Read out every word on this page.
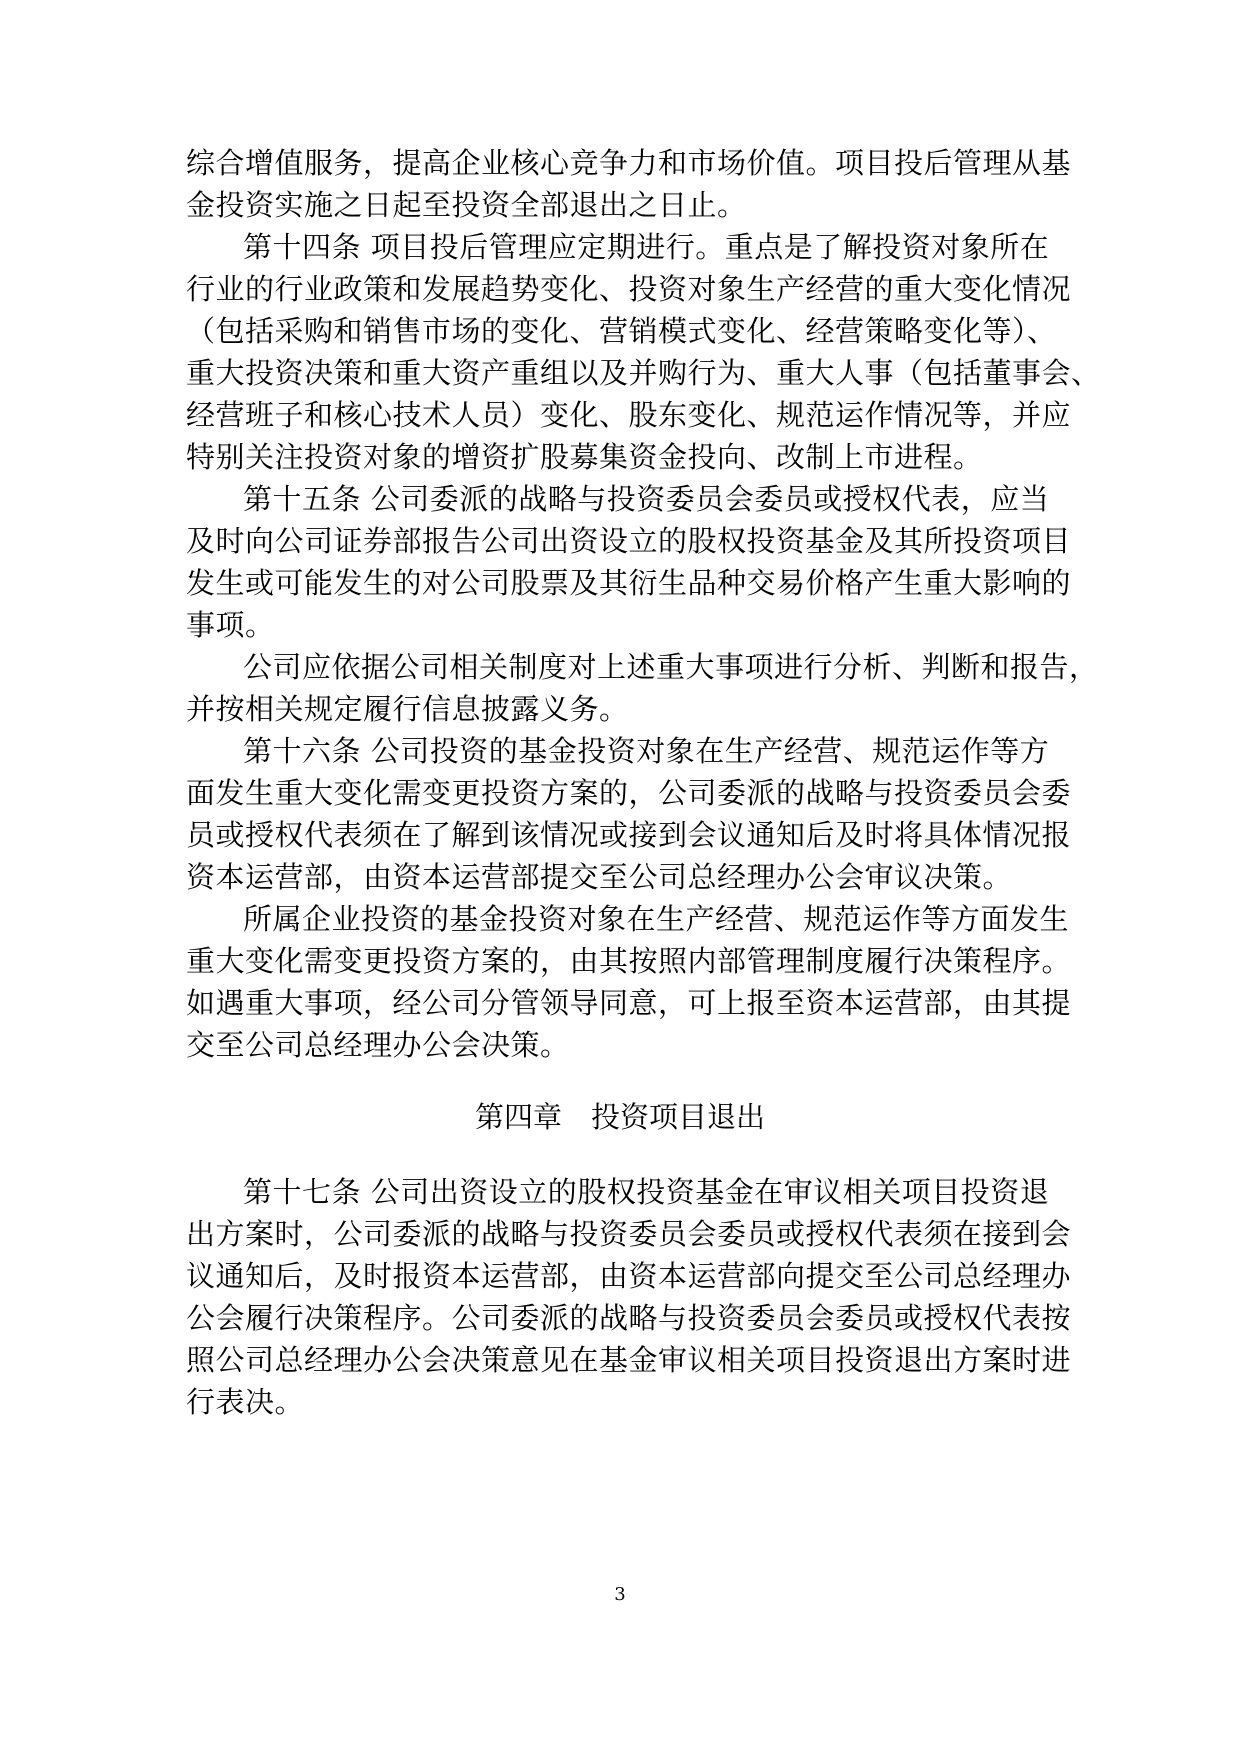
综合增值服务，提高企业核心竞争力和市场价值。项目投后管理从基
金投资实施之日起至投资全部退出之日止。
第十四条 项目投后管理应定期进行。重点是了解投资对象所在
行业的行业政策和发展趋势变化、投资对象生产经营的重大变化情况
（包括采购和销售市场的变化、营销模式变化、经营策略变化等）、
重大投资决策和重大资产重组以及并购行为、重大人事（包括董事会、
经营班子和核心技术人员）变化、股东变化、规范运作情况等，并应
特别关注投资对象的增资扩股募集资金投向、改制上市进程。
第十五条 公司委派的战略与投资委员会委员或授权代表，应当
及时向公司证券部报告公司出资设立的股权投资基金及其所投资项目
发生或可能发生的对公司股票及其衍生品种交易价格产生重大影响的
事项。
公司应依据公司相关制度对上述重大事项进行分析、判断和报告，
并按相关规定履行信息披露义务。
第十六条 公司投资的基金投资对象在生产经营、规范运作等方
面发生重大变化需变更投资方案的，公司委派的战略与投资委员会委
员或授权代表须在了解到该情况或接到会议通知后及时将具体情况报
资本运营部，由资本运营部提交至公司总经理办公会审议决策。
所属企业投资的基金投资对象在生产经营、规范运作等方面发生
重大变化需变更投资方案的，由其按照内部管理制度履行决策程序。
如遇重大事项，经公司分管领导同意，可上报至资本运营部，由其提
交至公司总经理办公会决策。
第四章　投资项目退出
第十七条 公司出资设立的股权投资基金在审议相关项目投资退
出方案时，公司委派的战略与投资委员会委员或授权代表须在接到会
议通知后，及时报资本运营部，由资本运营部向提交至公司总经理办
公会履行决策程序。公司委派的战略与投资委员会委员或授权代表按
照公司总经理办公会决策意见在基金审议相关项目投资退出方案时进
行表决。
3
